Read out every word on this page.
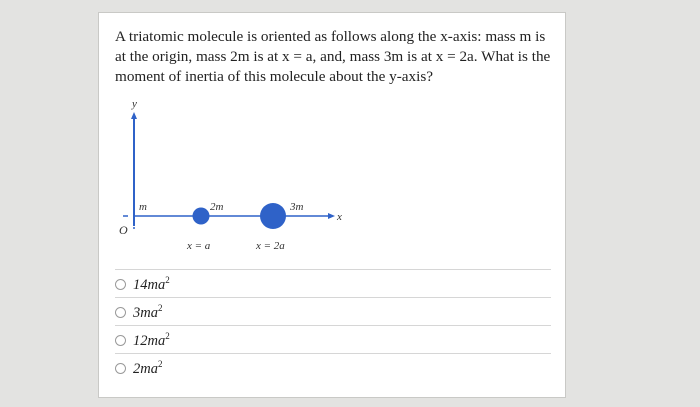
A triatomic molecule is oriented as follows along the x-axis: mass m is at the origin, mass 2m is at x = a, and, mass 3m is at x = 2a. What is the moment of inertia of this molecule about the y-axis?

y
x
O
m	2m
x = a
3m
x = 2a
$14ma^2$
$3ma^2$
$12ma^2$
$2ma^2$
